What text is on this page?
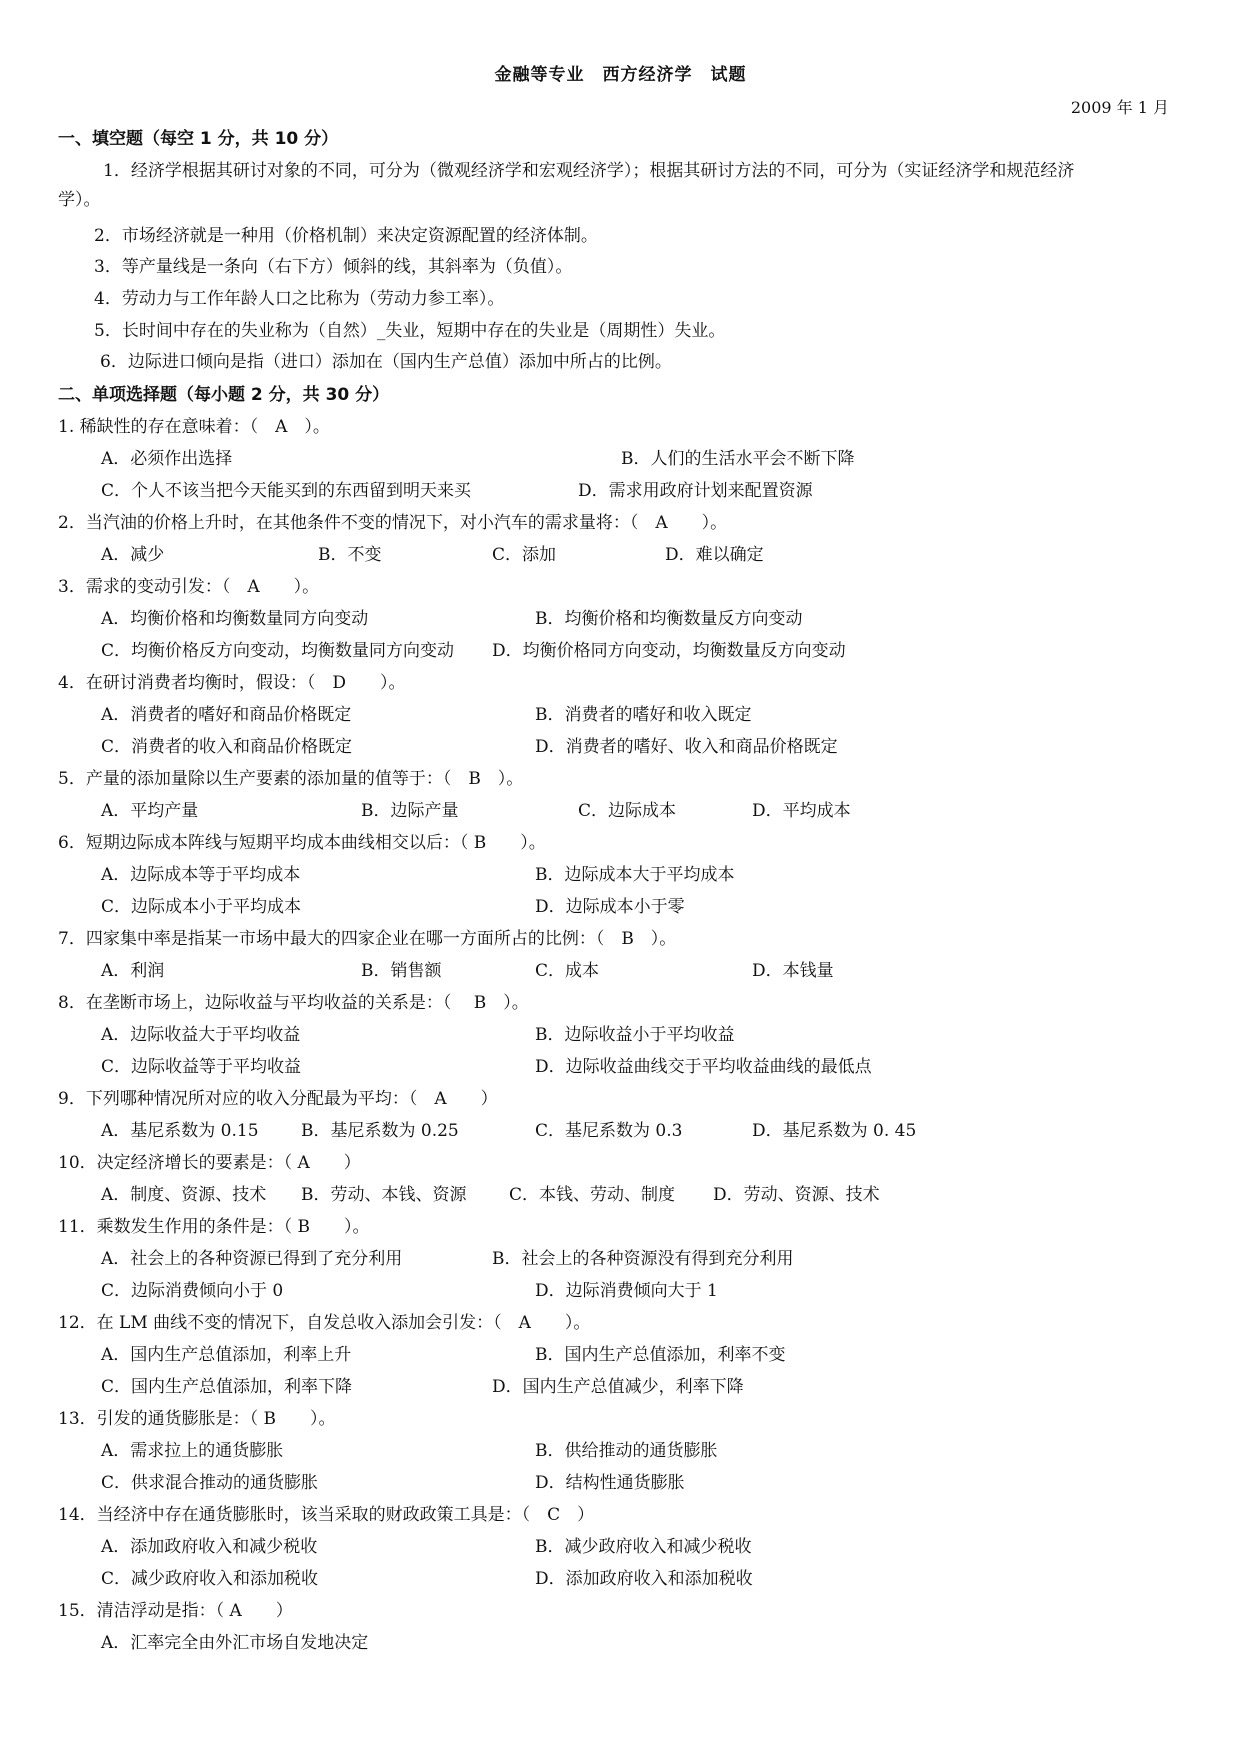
金融等专业　西方经济学　试题
2009 年 1 月
一、填空题（每空 1 分，共 10 分）
1．经济学根据其研讨对象的不同，可分为（微观经济学和宏观经济学）；根据其研讨方法的不同，可分为（实证经济学和规范经济
学）。
2．市场经济就是一种用（价格机制）来决定资源配置的经济体制。
3．等产量线是一条向（右下方）倾斜的线，其斜率为（负值）。
4．劳动力与工作年龄人口之比称为（劳动力参工率）。
5．长时间中存在的失业称为（自然）_失业，短期中存在的失业是（周期性）失业。
6．边际进口倾向是指（进口）添加在（国内生产总值）添加中所占的比例。
二、单项选择题（每小题 2 分，共 30 分）
1. 稀缺性的存在意味着：（　A　）。
A．必须作出选择	B．人们的生活水平会不断下降
C．个人不该当把今天能买到的东西留到明天来买	D．需求用政府计划来配置资源
2．当汽油的价格上升时，在其他条件不变的情况下，对小汽车的需求量将：（　A　　）。
A．减少	B．不变	C．添加	D．难以确定
3．需求的变动引发：（　A　　）。
A．均衡价格和均衡数量同方向变动	B．均衡价格和均衡数量反方向变动
C．均衡价格反方向变动，均衡数量同方向变动 D．均衡价格同方向变动，均衡数量反方向变动
4．在研讨消费者均衡时，假设：（　D　　）。
A．消费者的嗜好和商品价格既定	B．消费者的嗜好和收入既定
C．消费者的收入和商品价格既定	D．消费者的嗜好、收入和商品价格既定
5．产量的添加量除以生产要素的添加量的值等于：（　B　）。
A．平均产量	B．边际产量	C．边际成本	D．平均成本
6．短期边际成本阵线与短期平均成本曲线相交以后：（ B　　）。
A．边际成本等于平均成本	B．边际成本大于平均成本
C．边际成本小于平均成本	D．边际成本小于零
7．四家集中率是指某一市场中最大的四家企业在哪一方面所占的比例：（　B　）。
A．利润	B．销售额	C．成本	D．本钱量
8．在垄断市场上，边际收益与平均收益的关系是：（　 B　）。
A．边际收益大于平均收益	B．边际收益小于平均收益
C．边际收益等于平均收益	D．边际收益曲线交于平均收益曲线的最低点
9．下列哪种情况所对应的收入分配最为平均：（　A　　）
A．基尼系数为 0.15 B．基尼系数为 0.25	C．基尼系数为 0.3	D．基尼系数为 0. 45
10．决定经济增长的要素是：（ A　　）
A．制度、资源、技术 B．劳动、本钱、资源	C．本钱、劳动、制度 D．劳动、资源、技术
11．乘数发生作用的条件是：（ B　　）。
A．社会上的各种资源已得到了充分利用	B．社会上的各种资源没有得到充分利用
C．边际消费倾向小于 0	D．边际消费倾向大于 1
12．在 LM 曲线不变的情况下，自发总收入添加会引发：（　A　　）。
A．国内生产总值添加，利率上升	B．国内生产总值添加，利率不变
C．国内生产总值添加，利率下降	D．国内生产总值减少，利率下降
13．引发的通货膨胀是：（ B　　）。
A．需求拉上的通货膨胀	B．供给推动的通货膨胀
C．供求混合推动的通货膨胀	D．结构性通货膨胀
14．当经济中存在通货膨胀时，该当采取的财政政策工具是：（　C　）
A．添加政府收入和减少税收	B．减少政府收入和减少税收
C．减少政府收入和添加税收	D．添加政府收入和添加税收
15．清洁浮动是指：（ A　　）
A．汇率完全由外汇市场自发地决定
